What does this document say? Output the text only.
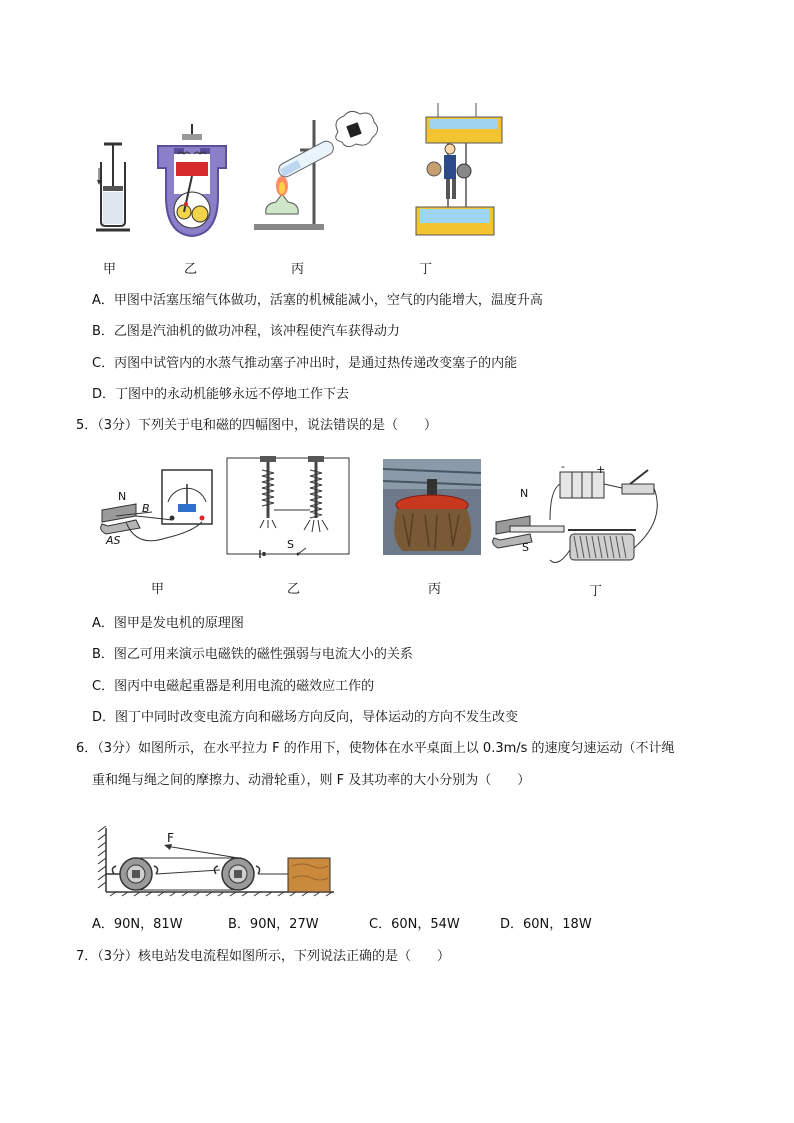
甲	乙	丙	丁
A．甲图中活塞压缩气体做功，活塞的机械能减小，空气的内能增大，温度升高
B．乙图是汽油机的做功冲程，该冲程使汽车获得动力
C．丙图中试管内的水蒸气推动塞子冲出时，是通过热传递改变塞子的内能
D．丁图中的永动机能够永远不停地工作下去
5．（3分）下列关于电和磁的四幅图中，说法错误的是（　　）
N
B
AS	S
-	+
N
S
甲	乙	丙	丁
A．图甲是发电机的原理图
B．图乙可用来演示电磁铁的磁性强弱与电流大小的关系
C．图丙中电磁起重器是利用电流的磁效应工作的
D．图丁中同时改变电流方向和磁场方向反向，导体运动的方向不发生改变
6．（3分）如图所示，在水平拉力 F 的作用下，使物体在水平桌面上以 0.3m/s 的速度匀速运动（不计绳
重和绳与绳之间的摩擦力、动滑轮重），则 F 及其功率的大小分别为（　　）
F
A．90N，81W	B．90N，27W	C．60N，54W	D．60N，18W
7．（3分）核电站发电流程如图所示，下列说法正确的是（　　）
